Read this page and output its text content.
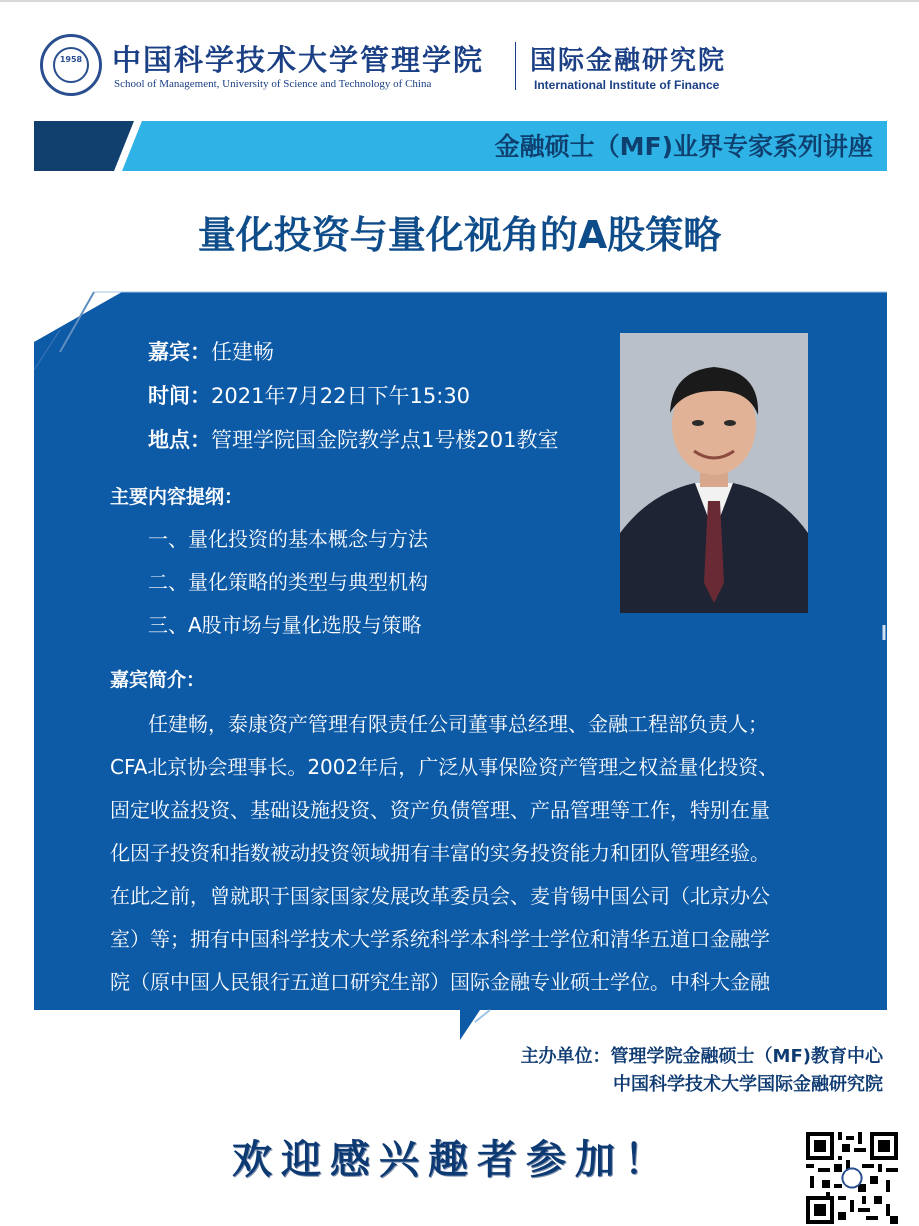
1958	中国科学技术大学管理学院
School of Management, University of Science and Technology of China
国际金融研究院
International Institute of Finance
金融硕士（MF)业界专家系列讲座
量化投资与量化视角的A股策略
嘉宾：任建畅
时间：2021年7月22日下午15:30
地点：管理学院国金院教学点1号楼201教室
主要内容提纲：
一、量化投资的基本概念与方法
二、量化策略的类型与典型机构
三、A股市场与量化选股与策略
嘉宾简介：
任建畅，泰康资产管理有限责任公司董事总经理、金融工程部负责人；
CFA北京协会理事长。2002年后，广泛从事保险资产管理之权益量化投资、
固定收益投资、基础设施投资、资产负债管理、产品管理等工作，特别在量
化因子投资和指数被动投资领域拥有丰富的实务投资能力和团队管理经验。
在此之前，曾就职于国家国家发展改革委员会、麦肯锡中国公司（北京办公
室）等；拥有中国科学技术大学系统科学本科学士学位和清华五道口金融学
院（原中国人民银行五道口研究生部）国际金融专业硕士学位。中科大金融
硕士（MF）业界导师。
主办单位：管理学院金融硕士（MF)教育中心
中国科学技术大学国际金融研究院
欢迎感兴趣者参加！
